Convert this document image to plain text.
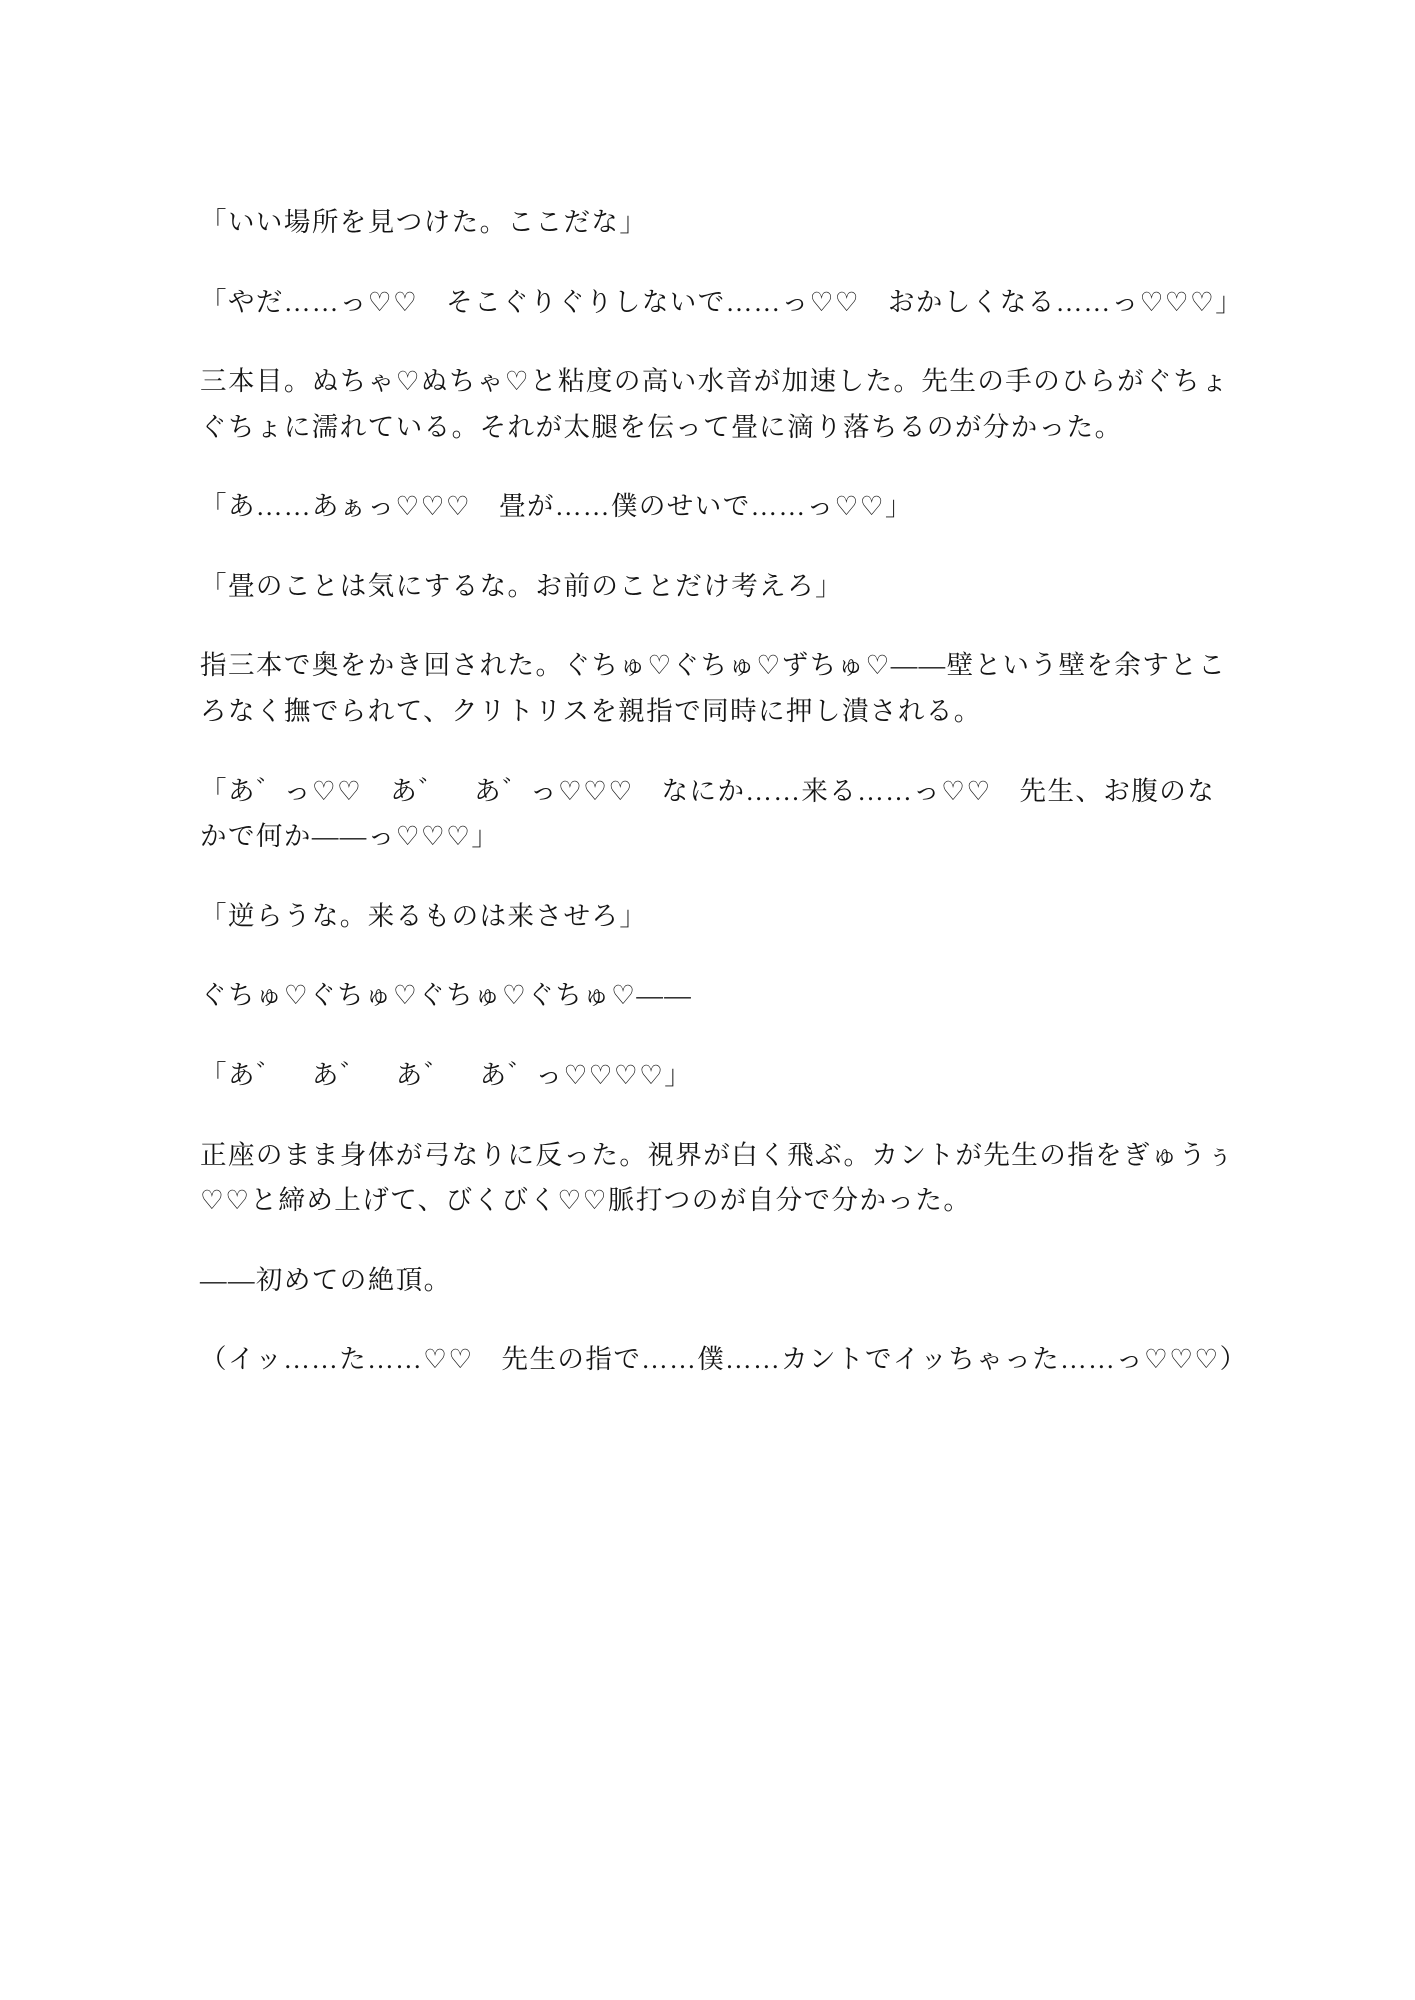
「いい場所を見つけた。ここだな」

「やだ……っ♡♡　そこぐりぐりしないで……っ♡♡　おかしくなる……っ♡♡♡」

三本目。ぬちゃ♡ぬちゃ♡と粘度の高い水音が加速した。先生の手のひらがぐちょぐちょに濡れている。それが太腿を伝って畳に滴り落ちるのが分かった。

「あ……あぁっ♡♡♡　畳が……僕のせいで……っ♡♡」

「畳のことは気にするな。お前のことだけ考えろ」

指三本で奥をかき回された。ぐちゅ♡ぐちゅ♡ずちゅ♡——壁という壁を余すところなく撫でられて、クリトリスを親指で同時に押し潰される。

「あ゛っ♡♡　あ゛　あ゛っ♡♡♡　なにか……来る……っ♡♡　先生、お腹のなかで何か——っ♡♡♡」

「逆らうな。来るものは来させろ」

ぐちゅ♡ぐちゅ♡ぐちゅ♡ぐちゅ♡——

「あ゛　あ゛　あ゛　あ゛っ♡♡♡♡」

正座のまま身体が弓なりに反った。視界が白く飛ぶ。カントが先生の指をぎゅうぅ♡♡と締め上げて、びくびく♡♡脈打つのが自分で分かった。

——初めての絶頂。

（イッ……た……♡♡　先生の指で……僕……カントでイッちゃった……っ♡♡♡）
